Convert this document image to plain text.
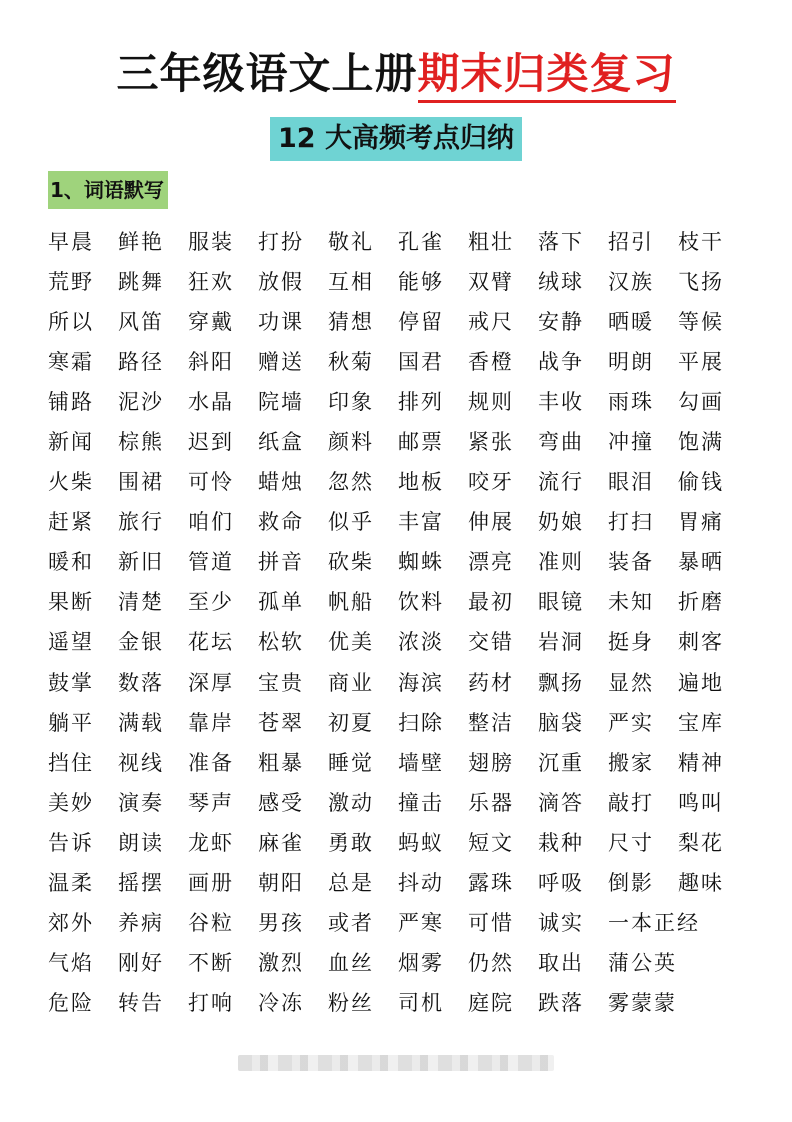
三年级语文上册期末归类复习
12 大高频考点归纳
1、词语默写
早晨	鲜艳	服装	打扮	敬礼	孔雀	粗壮	落下	招引	枝干
荒野	跳舞	狂欢	放假	互相	能够	双臂	绒球	汉族	飞扬
所以	风笛	穿戴	功课	猜想	停留	戒尺	安静	晒暖	等候
寒霜	路径	斜阳	赠送	秋菊	国君	香橙	战争	明朗	平展
铺路	泥沙	水晶	院墙	印象	排列	规则	丰收	雨珠	勾画
新闻	棕熊	迟到	纸盒	颜料	邮票	紧张	弯曲	冲撞	饱满
火柴	围裙	可怜	蜡烛	忽然	地板	咬牙	流行	眼泪	偷钱
赶紧	旅行	咱们	救命	似乎	丰富	伸展	奶娘	打扫	胃痛
暖和	新旧	管道	拼音	砍柴	蜘蛛	漂亮	准则	装备	暴晒
果断	清楚	至少	孤单	帆船	饮料	最初	眼镜	未知	折磨
遥望	金银	花坛	松软	优美	浓淡	交错	岩洞	挺身	刺客
鼓掌	数落	深厚	宝贵	商业	海滨	药材	飘扬	显然	遍地
躺平	满载	靠岸	苍翠	初夏	扫除	整洁	脑袋	严实	宝库
挡住	视线	准备	粗暴	睡觉	墙壁	翅膀	沉重	搬家	精神
美妙	演奏	琴声	感受	激动	撞击	乐器	滴答	敲打	鸣叫
告诉	朗读	龙虾	麻雀	勇敢	蚂蚁	短文	栽种	尺寸	梨花
温柔	摇摆	画册	朝阳	总是	抖动	露珠	呼吸	倒影	趣味
郊外	养病	谷粒	男孩	或者	严寒	可惜	诚实	一本正经
气焰	刚好	不断	激烈	血丝	烟雾	仍然	取出	蒲公英
危险	转告	打响	冷冻	粉丝	司机	庭院	跌落	雾蒙蒙
